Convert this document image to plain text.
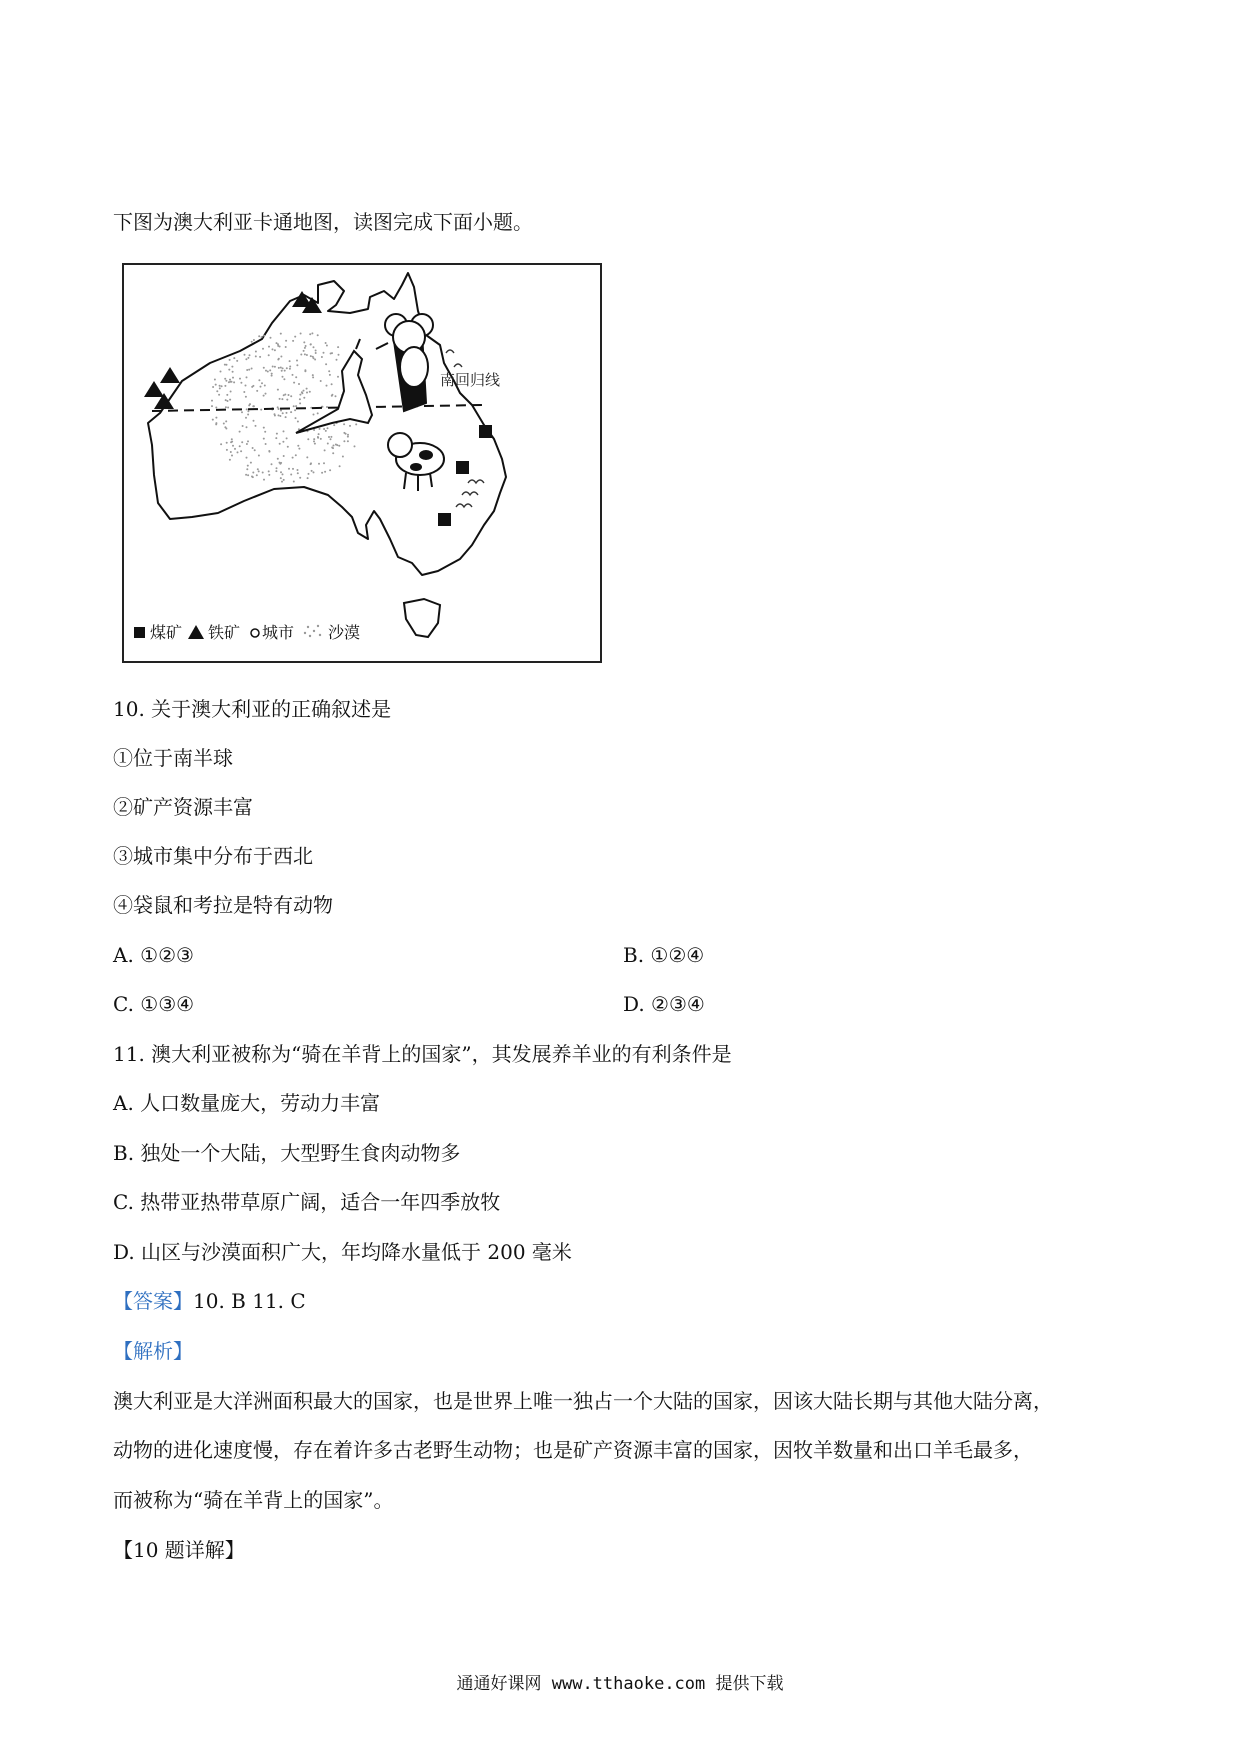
下图为澳大利亚卡通地图，读图完成下面小题。
南回归线
煤矿 铁矿 城市 沙漠
10. 关于澳大利亚的正确叙述是
①位于南半球
②矿产资源丰富
③城市集中分布于西北
④袋鼠和考拉是特有动物
A. ①②③	B. ①②④
C. ①③④	D. ②③④
11. 澳大利亚被称为“骑在羊背上的国家”，其发展养羊业的有利条件是
A. 人口数量庞大，劳动力丰富
B. 独处一个大陆，大型野生食肉动物多
C. 热带亚热带草原广阔，适合一年四季放牧
D. 山区与沙漠面积广大，年均降水量低于 200 毫米
【答案】10. B 11. C
【解析】
澳大利亚是大洋洲面积最大的国家，也是世界上唯一独占一个大陆的国家，因该大陆长期与其他大陆分离，
动物的进化速度慢，存在着许多古老野生动物；也是矿产资源丰富的国家，因牧羊数量和出口羊毛最多，
而被称为“骑在羊背上的国家”。
【10 题详解】
通通好课网 www.tthaoke.com 提供下载
